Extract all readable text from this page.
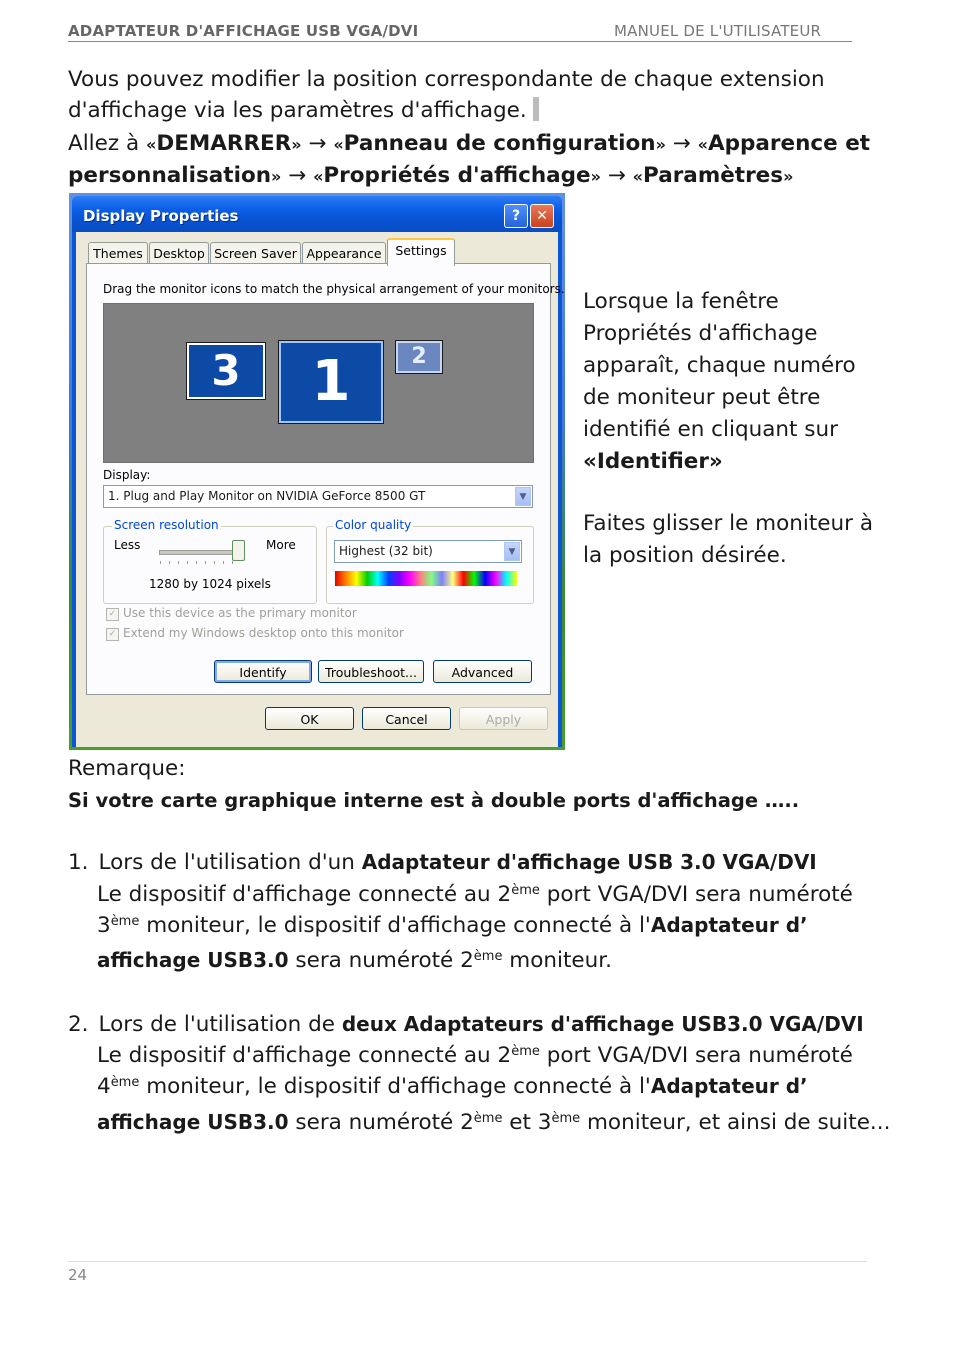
ADAPTATEUR D'AFFICHAGE USB VGA/DVI	MANUEL DE L'UTILISATEUR
Vous pouvez modifier la position correspondante de chaque extension
d'affichage via les paramètres d'affichage.
Allez à «DEMARRER» → «Panneau de configuration» → «Apparence et
personnalisation» → «Propriétés d'affichage» → «Paramètres»
Display Properties	?	✕
Themes Desktop Screen Saver Appearance	Settings
Drag the monitor icons to match the physical arrangement of your monitors.
3	1	2
Display:
1. Plug and Play Monitor on NVIDIA GeForce 8500 GT	▼
Screen resolution
Less	More
1280 by 1024 pixels
Color quality
Highest (32 bit)	▼
✓ Use this device as the primary monitor
✓ Extend my Windows desktop onto this monitor
Identify	Troubleshoot...	Advanced
OK	Cancel	Apply
Lorsque la fenêtre
Propriétés d'affichage
apparaît, chaque numéro
de moniteur peut être
identifié en cliquant sur
«Identifier»
Faites glisser le moniteur à
la position désirée.
Remarque:
Si votre carte graphique interne est à double ports d'affichage …..
1. Lors de l'utilisation d'un Adaptateur d'affichage USB 3.0 VGA/DVI
Le dispositif d'affichage connecté au 2ème port VGA/DVI sera numéroté
3ème moniteur, le dispositif d'affichage connecté à l'Adaptateur d’
affichage USB3.0 sera numéroté 2ème moniteur.
2. Lors de l'utilisation de deux Adaptateurs d'affichage USB3.0 VGA/DVI
Le dispositif d'affichage connecté au 2ème port VGA/DVI sera numéroté
4ème moniteur, le dispositif d'affichage connecté à l'Adaptateur d’
affichage USB3.0 sera numéroté 2ème et 3ème moniteur, et ainsi de suite...
24
